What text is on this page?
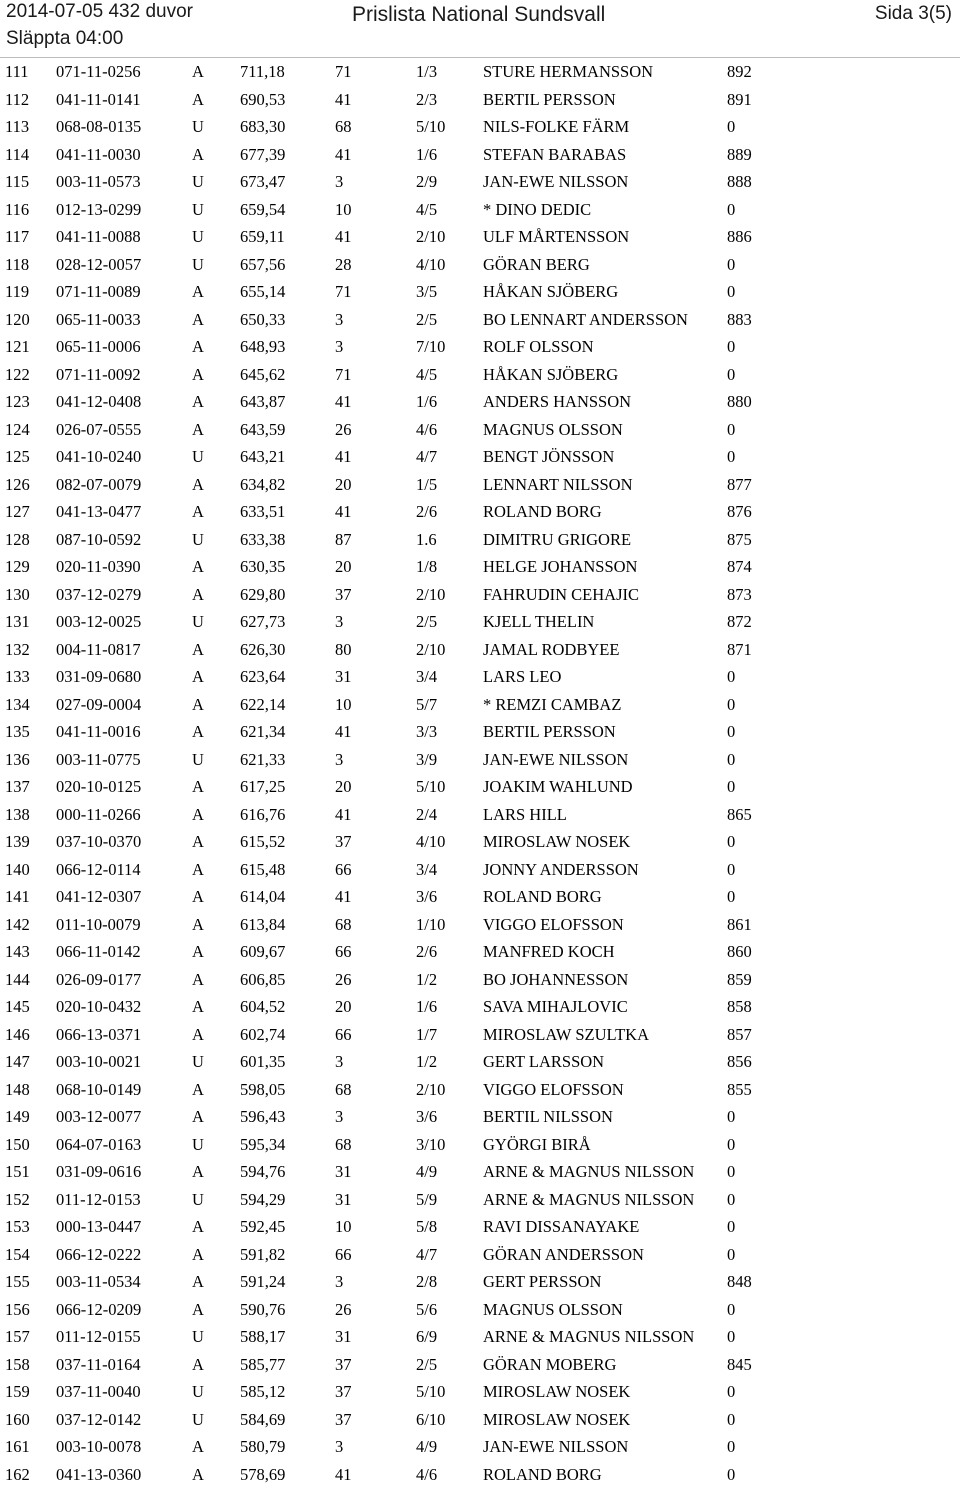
2014-07-05 432 duvor
Släppta 04:00
Prislista National Sundsvall	Sida 3(5)
111 071-11-0256	A 711,18	71	1/3	STURE HERMANSSON	892
112 041-11-0141	A 690,53	41	2/3	BERTIL PERSSON	891
113 068-08-0135	U 683,30	68	5/10 NILS-FOLKE FÄRM	0
114 041-11-0030	A 677,39	41	1/6	STEFAN BARABAS	889
115 003-11-0573	U 673,47	3	2/9	JAN-EWE NILSSON	888
116 012-13-0299	U 659,54	10	4/5	* DINO DEDIC	0
117 041-11-0088	U 659,11	41	2/10 ULF MÅRTENSSON	886
118 028-12-0057	U 657,56	28	4/10 GÖRAN BERG	0
119 071-11-0089	A 655,14	71	3/5	HÅKAN SJÖBERG	0
120 065-11-0033	A 650,33	3	2/5	BO LENNART ANDERSSON 883
121 065-11-0006	A 648,93	3	7/10 ROLF OLSSON	0
122 071-11-0092	A 645,62	71	4/5	HÅKAN SJÖBERG	0
123 041-12-0408	A 643,87	41	1/6	ANDERS HANSSON	880
124 026-07-0555	A 643,59	26	4/6	MAGNUS OLSSON	0
125 041-10-0240	U 643,21	41	4/7	BENGT JÖNSSON	0
126 082-07-0079	A 634,82	20	1/5	LENNART NILSSON	877
127 041-13-0477	A 633,51	41	2/6	ROLAND BORG	876
128 087-10-0592	U 633,38	87	1.6	DIMITRU GRIGORE	875
129 020-11-0390	A 630,35	20	1/8	HELGE JOHANSSON	874
130 037-12-0279	A 629,80	37	2/10 FAHRUDIN CEHAJIC	873
131 003-12-0025	U 627,73	3	2/5	KJELL THELIN	872
132 004-11-0817	A 626,30	80	2/10 JAMAL RODBYEE	871
133 031-09-0680	A 623,64	31	3/4	LARS LEO	0
134 027-09-0004	A 622,14	10	5/7	* REMZI CAMBAZ	0
135 041-11-0016	A 621,34	41	3/3	BERTIL PERSSON	0
136 003-11-0775	U 621,33	3	3/9	JAN-EWE NILSSON	0
137 020-10-0125	A 617,25	20	5/10 JOAKIM WAHLUND	0
138 000-11-0266	A 616,76	41	2/4	LARS HILL	865
139 037-10-0370	A 615,52	37	4/10 MIROSLAW NOSEK	0
140 066-12-0114	A 615,48	66	3/4	JONNY ANDERSSON	0
141 041-12-0307	A 614,04	41	3/6	ROLAND BORG	0
142 011-10-0079	A 613,84	68	1/10 VIGGO ELOFSSON	861
143 066-11-0142	A 609,67	66	2/6	MANFRED KOCH	860
144 026-09-0177	A 606,85	26	1/2	BO JOHANNESSON	859
145 020-10-0432	A 604,52	20	1/6	SAVA MIHAJLOVIC	858
146 066-13-0371	A 602,74	66	1/7	MIROSLAW SZULTKA	857
147 003-10-0021	U 601,35	3	1/2	GERT LARSSON	856
148 068-10-0149	A 598,05	68	2/10 VIGGO ELOFSSON	855
149 003-12-0077	A 596,43	3	3/6	BERTIL NILSSON	0
150 064-07-0163	U 595,34	68	3/10 GYÖRGI BIRÅ	0
151 031-09-0616	A 594,76	31	4/9	ARNE & MAGNUS NILSSON 0
152 011-12-0153	U 594,29	31	5/9	ARNE & MAGNUS NILSSON 0
153 000-13-0447	A 592,45	10	5/8	RAVI DISSANAYAKE	0
154 066-12-0222	A 591,82	66	4/7	GÖRAN ANDERSSON	0
155 003-11-0534	A 591,24	3	2/8	GERT PERSSON	848
156 066-12-0209	A 590,76	26	5/6	MAGNUS OLSSON	0
157 011-12-0155	U 588,17	31	6/9	ARNE & MAGNUS NILSSON 0
158 037-11-0164	A 585,77	37	2/5	GÖRAN MOBERG	845
159 037-11-0040	U 585,12	37	5/10 MIROSLAW NOSEK	0
160 037-12-0142	U 584,69	37	6/10 MIROSLAW NOSEK	0
161 003-10-0078	A 580,79	3	4/9	JAN-EWE NILSSON	0
162 041-13-0360	A 578,69	41	4/6	ROLAND BORG	0
